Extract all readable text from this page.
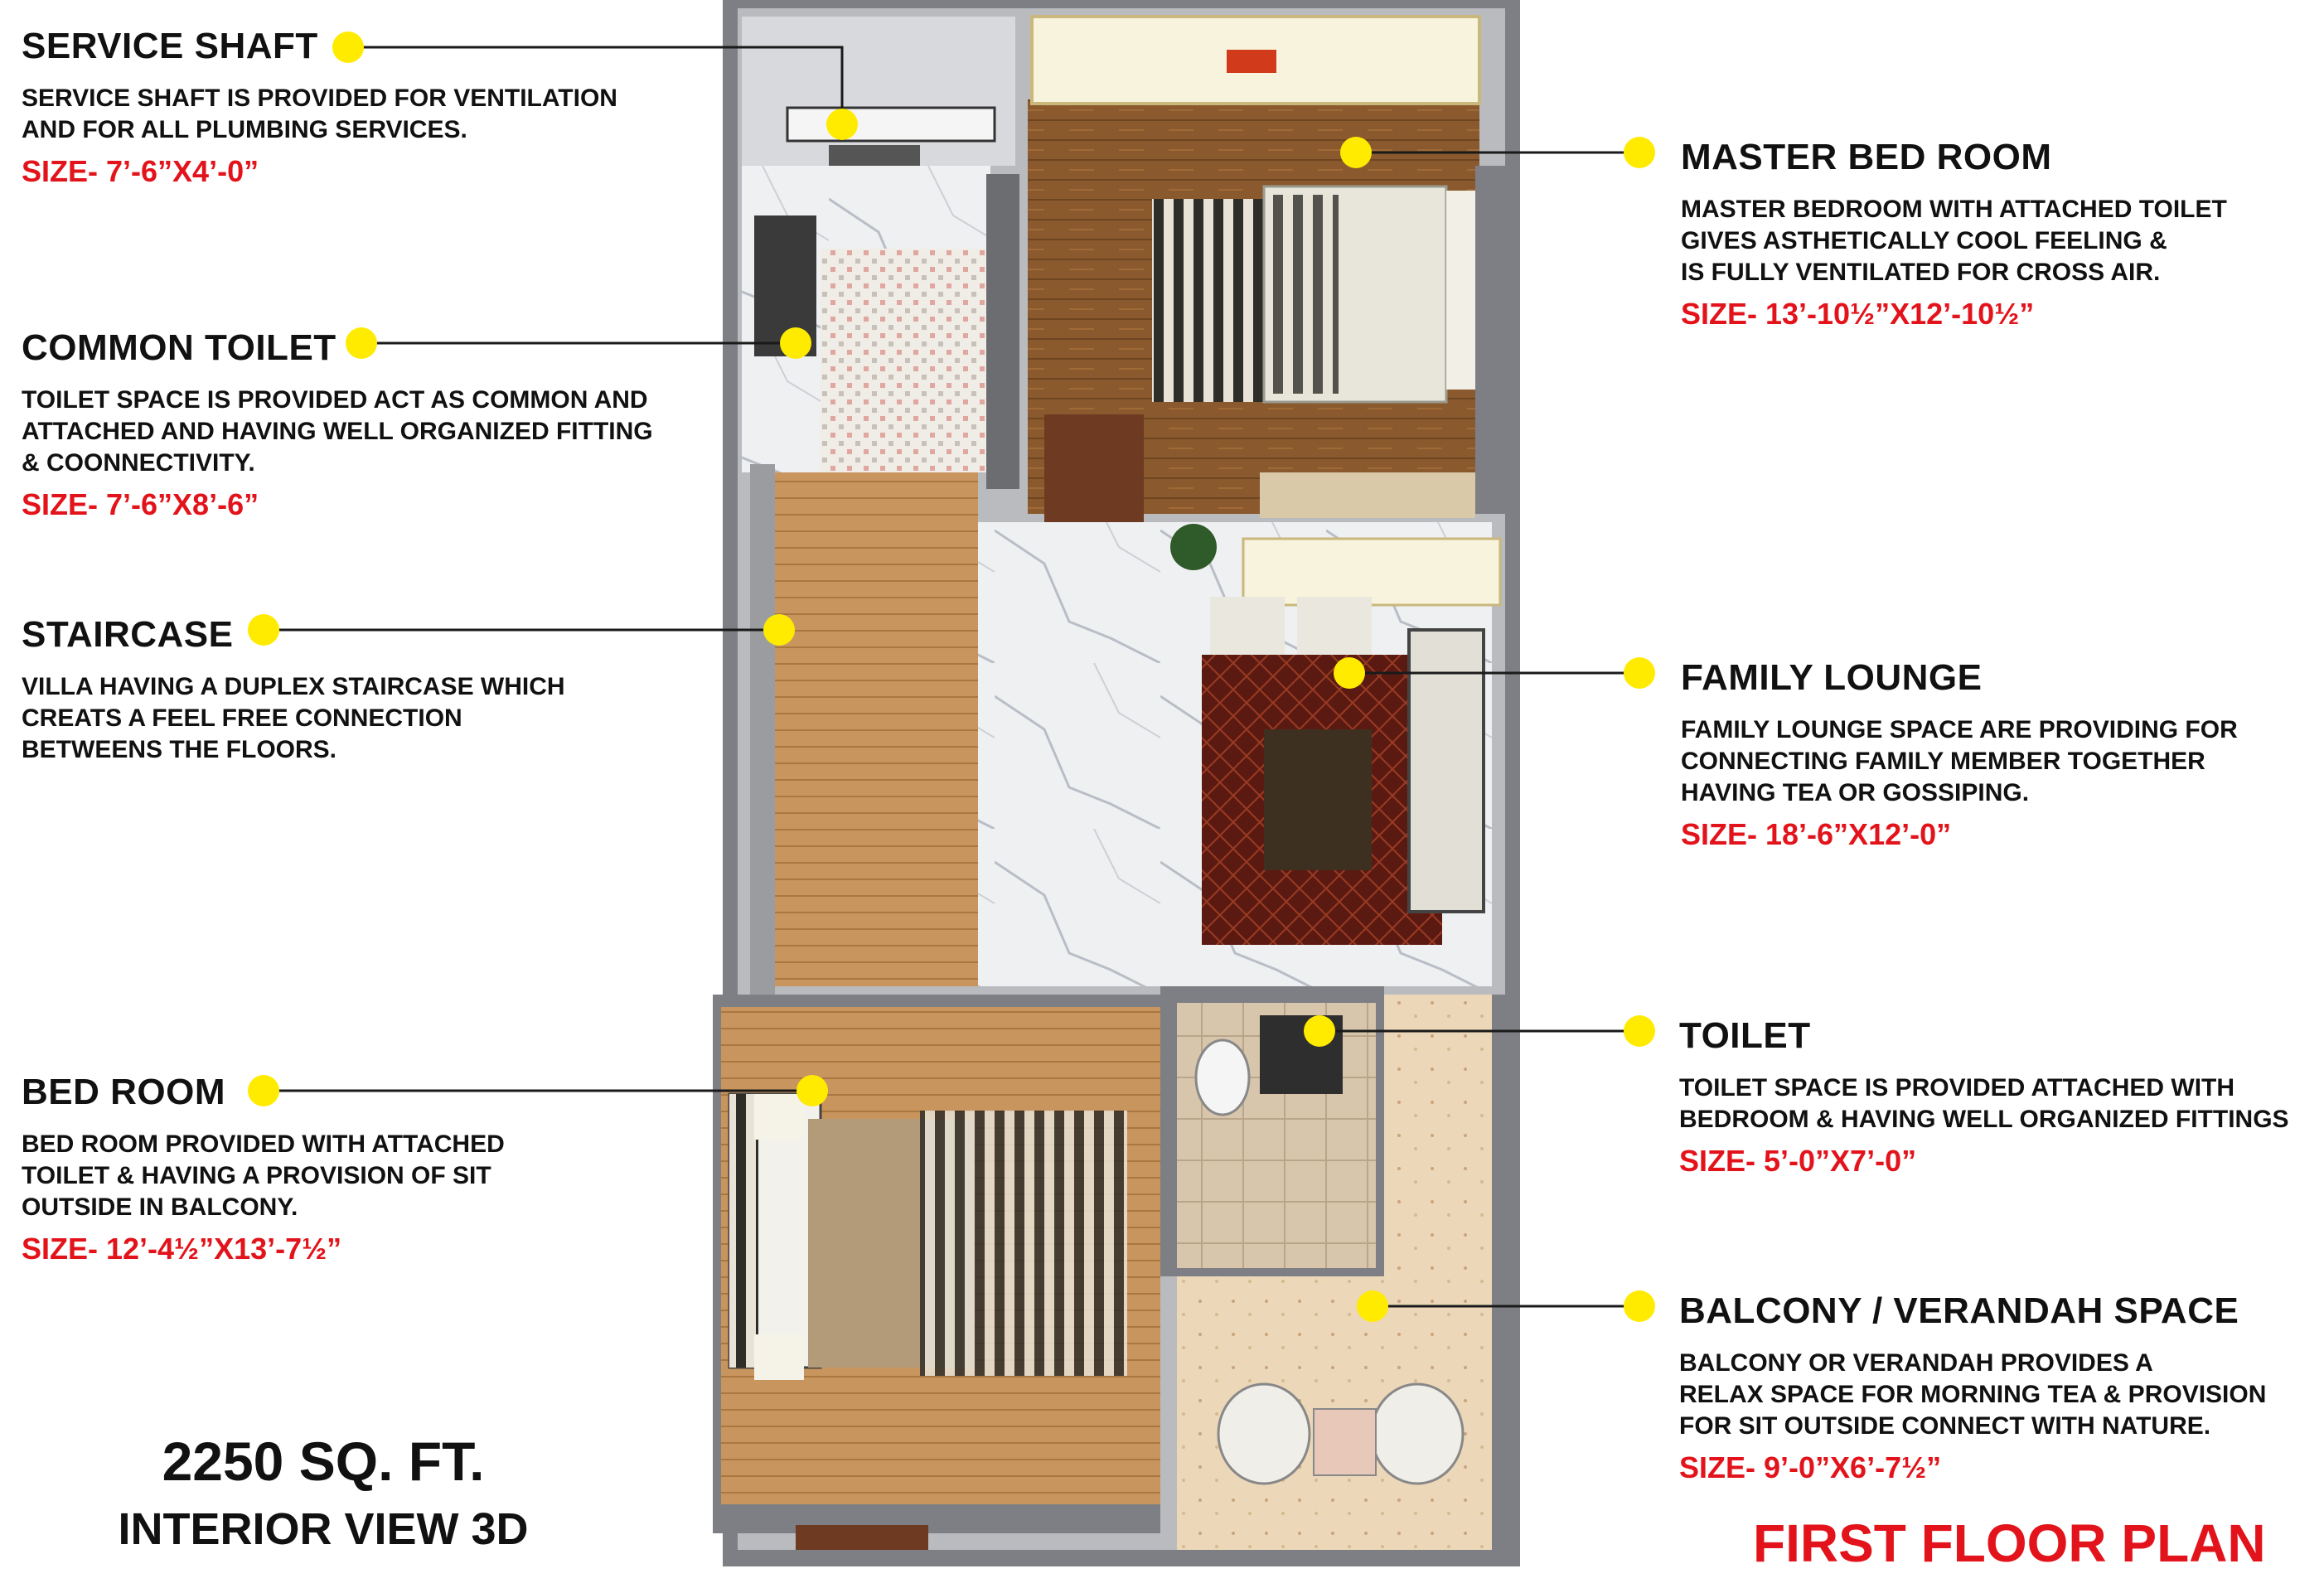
SERVICE SHAFT
SERVICE SHAFT IS PROVIDED FOR VENTILATION
AND FOR ALL PLUMBING SERVICES.
SIZE- 7’-6”X4’-0”
COMMON TOILET
TOILET SPACE IS PROVIDED ACT AS COMMON AND
ATTACHED AND HAVING WELL ORGANIZED FITTING
& COONNECTIVITY.
SIZE- 7’-6”X8’-6”
STAIRCASE
VILLA HAVING A DUPLEX STAIRCASE WHICH
CREATS A FEEL FREE CONNECTION
BETWEENS THE FLOORS.
BED ROOM
BED ROOM PROVIDED WITH ATTACHED
TOILET & HAVING A PROVISION OF SIT
OUTSIDE IN BALCONY.
SIZE- 12’-4½”X13’-7½”
MASTER BED ROOM
MASTER BEDROOM WITH ATTACHED TOILET
GIVES ASTHETICALLY COOL FEELING &
IS FULLY VENTILATED FOR CROSS AIR.
SIZE- 13’-10½”X12’-10½”
FAMILY LOUNGE
FAMILY LOUNGE SPACE ARE PROVIDING FOR
CONNECTING FAMILY MEMBER TOGETHER
HAVING TEA OR GOSSIPING.
SIZE- 18’-6”X12’-0”
TOILET
TOILET SPACE IS PROVIDED ATTACHED WITH
BEDROOM & HAVING WELL ORGANIZED FITTINGS
SIZE- 5’-0”X7’-0”
BALCONY / VERANDAH SPACE
BALCONY OR VERANDAH PROVIDES A
RELAX SPACE FOR MORNING TEA & PROVISION
FOR SIT OUTSIDE CONNECT WITH NATURE.
SIZE- 9’-0”X6’-7½”
2250 SQ. FT.
INTERIOR VIEW 3D	FIRST FLOOR PLAN
